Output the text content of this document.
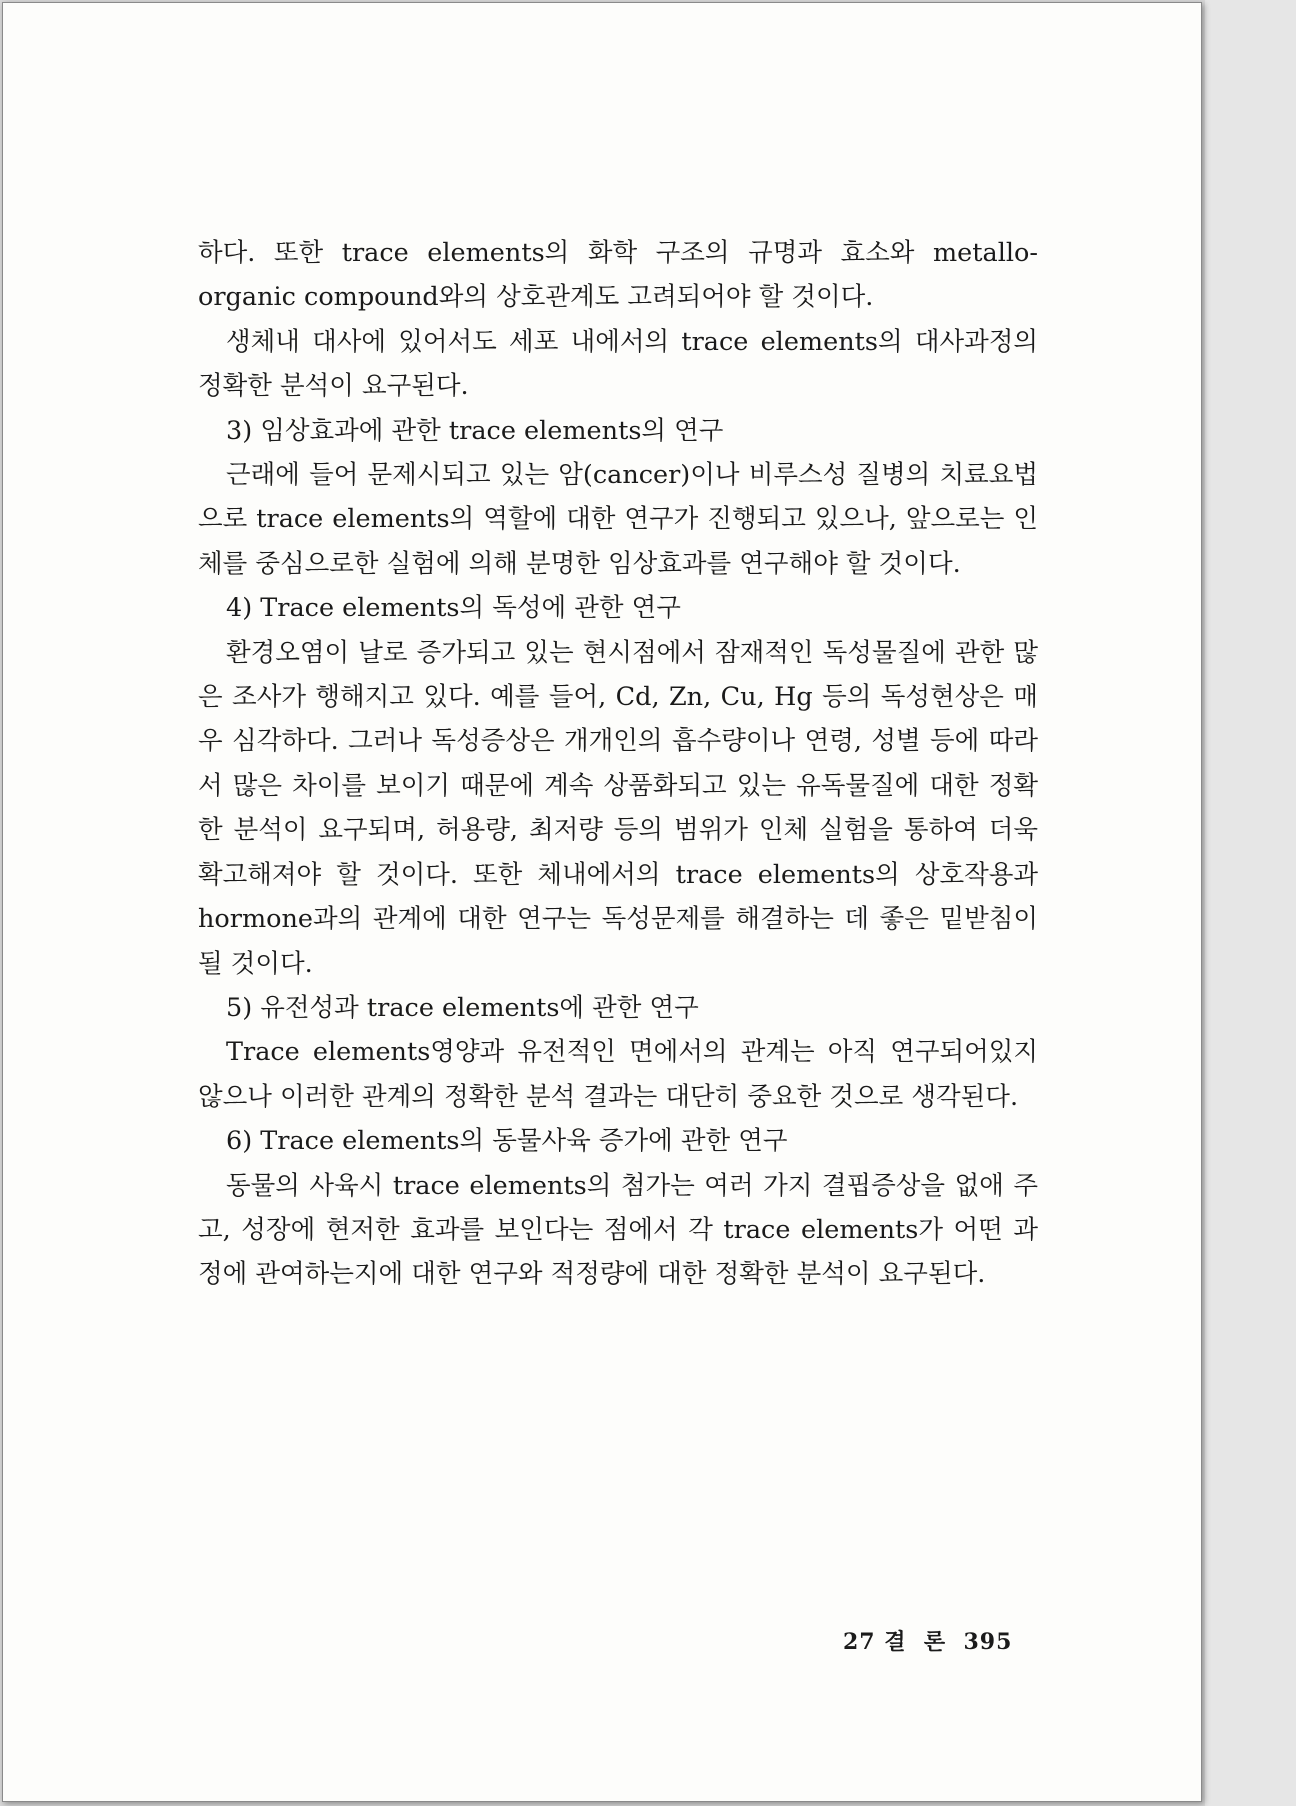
하다. 또한 trace elements의 화학 구조의 규명과 효소와 metallo-organic compound와의 상호관계도 고려되어야 할 것이다.

생체내 대사에 있어서도 세포 내에서의 trace elements의 대사과정의 정확한 분석이 요구된다.

3) 임상효과에 관한 trace elements의 연구

근래에 들어 문제시되고 있는 암(cancer)이나 비루스성 질병의 치료요법으로 trace elements의 역할에 대한 연구가 진행되고 있으나, 앞으로는 인체를 중심으로한 실험에 의해 분명한 임상효과를 연구해야 할 것이다.

4) Trace elements의 독성에 관한 연구

환경오염이 날로 증가되고 있는 현시점에서 잠재적인 독성물질에 관한 많은 조사가 행해지고 있다. 예를 들어, Cd, Zn, Cu, Hg 등의 독성현상은 매우 심각하다. 그러나 독성증상은 개개인의 흡수량이나 연령, 성별 등에 따라서 많은 차이를 보이기 때문에 계속 상품화되고 있는 유독물질에 대한 정확한 분석이 요구되며, 허용량, 최저량 등의 범위가 인체 실험을 통하여 더욱 확고해져야 할 것이다. 또한 체내에서의 trace elements의 상호작용과 hormone과의 관계에 대한 연구는 독성문제를 해결하는 데 좋은 밑받침이 될 것이다.

5) 유전성과 trace elements에 관한 연구

Trace elements영양과 유전적인 면에서의 관계는 아직 연구되어있지 않으나 이러한 관계의 정확한 분석 결과는 대단히 중요한 것으로 생각된다.

6) Trace elements의 동물사육 증가에 관한 연구

동물의 사육시 trace elements의 첨가는 여러 가지 결핍증상을 없애 주고, 성장에 현저한 효과를 보인다는 점에서 각 trace elements가 어떤 과정에 관여하는지에 대한 연구와 적정량에 대한 정확한 분석이 요구된다.

27 결  론 395
